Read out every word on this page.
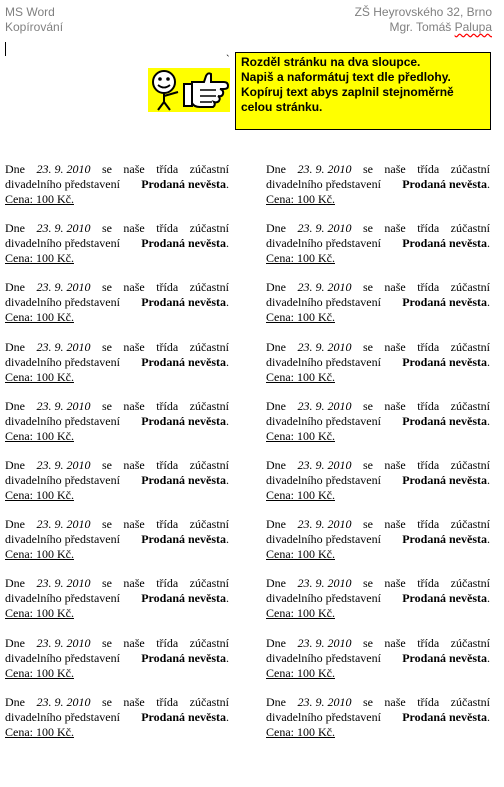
MS Word
Kopírování
ZŠ Heyrovského 32, Brno
Mgr. Tomáš Palupa
` Rozděl stránku na dva sloupce.
Napiš a naformátuj text dle předlohy.
Kopíruj text abys zaplnil stejnoměrně
celou stránku.
Dne 23. 9. 2010 se naše třída zúčastní
divadelního představení Prodaná nevěsta.
Cena: 100 Kč.
Dne 23. 9. 2010 se naše třída zúčastní
divadelního představení Prodaná nevěsta.
Cena: 100 Kč.
Dne 23. 9. 2010 se naše třída zúčastní
divadelního představení Prodaná nevěsta.
Cena: 100 Kč.
Dne 23. 9. 2010 se naše třída zúčastní
divadelního představení Prodaná nevěsta.
Cena: 100 Kč.
Dne 23. 9. 2010 se naše třída zúčastní
divadelního představení Prodaná nevěsta.
Cena: 100 Kč.
Dne 23. 9. 2010 se naše třída zúčastní
divadelního představení Prodaná nevěsta.
Cena: 100 Kč.
Dne 23. 9. 2010 se naše třída zúčastní
divadelního představení Prodaná nevěsta.
Cena: 100 Kč.
Dne 23. 9. 2010 se naše třída zúčastní
divadelního představení Prodaná nevěsta.
Cena: 100 Kč.
Dne 23. 9. 2010 se naše třída zúčastní
divadelního představení Prodaná nevěsta.
Cena: 100 Kč.
Dne 23. 9. 2010 se naše třída zúčastní
divadelního představení Prodaná nevěsta.
Cena: 100 Kč.
Dne 23. 9. 2010 se naše třída zúčastní
divadelního představení Prodaná nevěsta.
Cena: 100 Kč.
Dne 23. 9. 2010 se naše třída zúčastní
divadelního představení Prodaná nevěsta.
Cena: 100 Kč.
Dne 23. 9. 2010 se naše třída zúčastní
divadelního představení Prodaná nevěsta.
Cena: 100 Kč.
Dne 23. 9. 2010 se naše třída zúčastní
divadelního představení Prodaná nevěsta.
Cena: 100 Kč.
Dne 23. 9. 2010 se naše třída zúčastní
divadelního představení Prodaná nevěsta.
Cena: 100 Kč.
Dne 23. 9. 2010 se naše třída zúčastní
divadelního představení Prodaná nevěsta.
Cena: 100 Kč.
Dne 23. 9. 2010 se naše třída zúčastní
divadelního představení Prodaná nevěsta.
Cena: 100 Kč.
Dne 23. 9. 2010 se naše třída zúčastní
divadelního představení Prodaná nevěsta.
Cena: 100 Kč.
Dne 23. 9. 2010 se naše třída zúčastní
divadelního představení Prodaná nevěsta.
Cena: 100 Kč.
Dne 23. 9. 2010 se naše třída zúčastní
divadelního představení Prodaná nevěsta.
Cena: 100 Kč.
